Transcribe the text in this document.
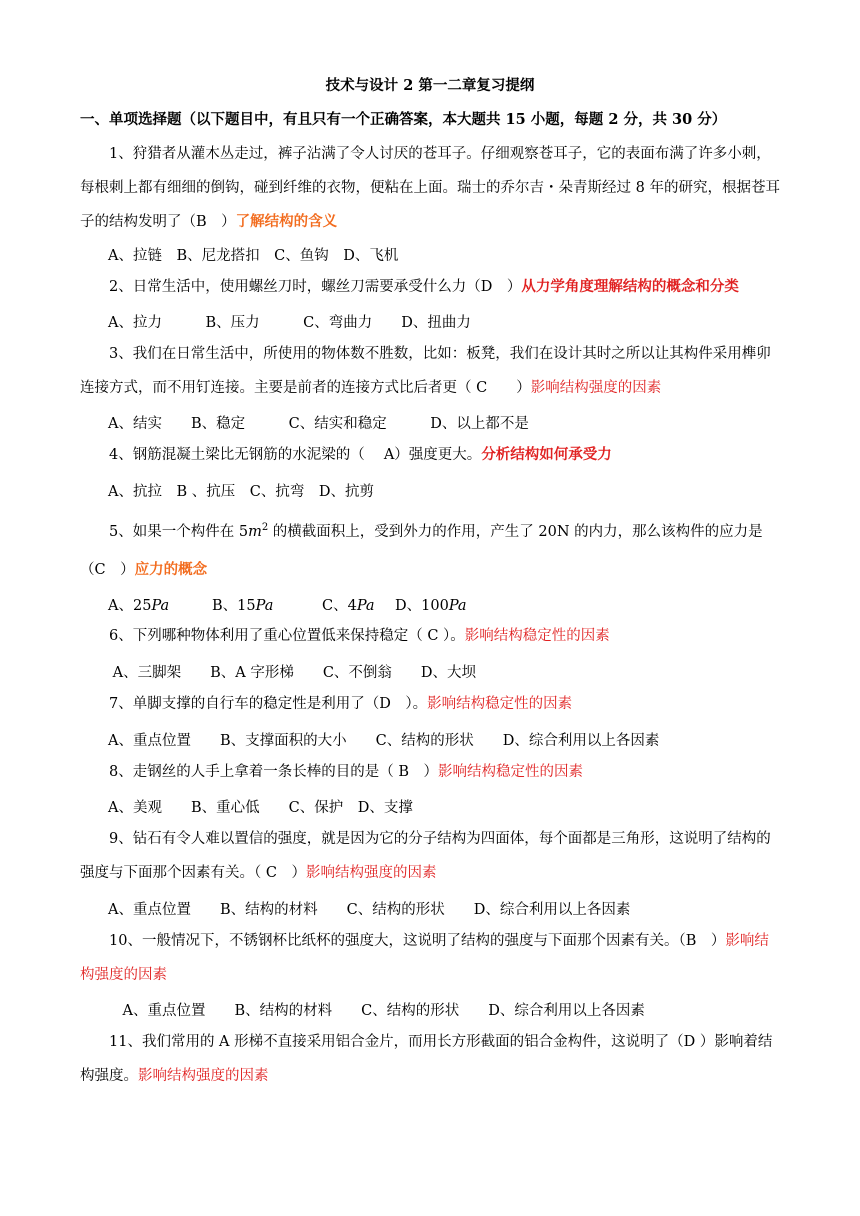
技术与设计 2 第一二章复习提纲
一、单项选择题（以下题目中，有且只有一个正确答案，本大题共 15 小题，每题 2 分，共 30 分）

1、狩猎者从灌木丛走过，裤子沾满了令人讨厌的苍耳子。仔细观察苍耳子，它的表面布满了许多小刺，每根刺上都有细细的倒钩，碰到纤维的衣物，便粘在上面。瑞士的乔尔吉・朵青斯经过 8 年的研究，根据苍耳子的结构发明了（B　）了解结构的含义

A、拉链　B、尼龙搭扣　C、鱼钩　D、飞机

2、日常生活中，使用螺丝刀时，螺丝刀需要承受什么力（D　）从力学角度理解结构的概念和分类

A、拉力　　　B、压力　　　C、弯曲力　　D、扭曲力

3、我们在日常生活中，所使用的物体数不胜数，比如：板凳，我们在设计其时之所以让其构件采用榫卯连接方式，而不用钉连接。主要是前者的连接方式比后者更（ C　　）影响结构强度的因素

A、结实　　B、稳定　　　C、结实和稳定　　　D、以上都不是

4、钢筋混凝土梁比无钢筋的水泥梁的（　 A）强度更大。分析结构如何承受力

A、抗拉　B 、抗压　C、抗弯　D、抗剪

5、如果一个构件在 $5m^2$ 的横截面积上，受到外力的作用，产生了 20N 的内力，那么该构件的应力是（C　）应力的概念

A、25Pa	B、15Pa	C、4Pa D、100Pa

6、下列哪种物体利用了重心位置低来保持稳定（ C ）。影响结构稳定性的因素

A、三脚架　　B、A 字形梯　　C、不倒翁　　D、大坝

7、单脚支撑的自行车的稳定性是利用了（D　）。影响结构稳定性的因素

A、重点位置　　B、支撑面积的大小　　C、结构的形状　　D、综合利用以上各因素

8、走钢丝的人手上拿着一条长棒的目的是（ B　）影响结构稳定性的因素

A、美观　　B、重心低　　C、保护　D、支撑

9、钻石有令人难以置信的强度，就是因为它的分子结构为四面体，每个面都是三角形，这说明了结构的强度与下面那个因素有关。（ C　）影响结构强度的因素

A、重点位置　　B、结构的材料　　C、结构的形状　　D、综合利用以上各因素

10、一般情况下，不锈钢杯比纸杯的强度大，这说明了结构的强度与下面那个因素有关。（B　）影响结构强度的因素

　A、重点位置　　B、结构的材料　　C、结构的形状　　D、综合利用以上各因素

11、我们常用的 A 形梯不直接采用铝合金片，而用长方形截面的铝合金构件，这说明了（D ）影响着结构强度。影响结构强度的因素
